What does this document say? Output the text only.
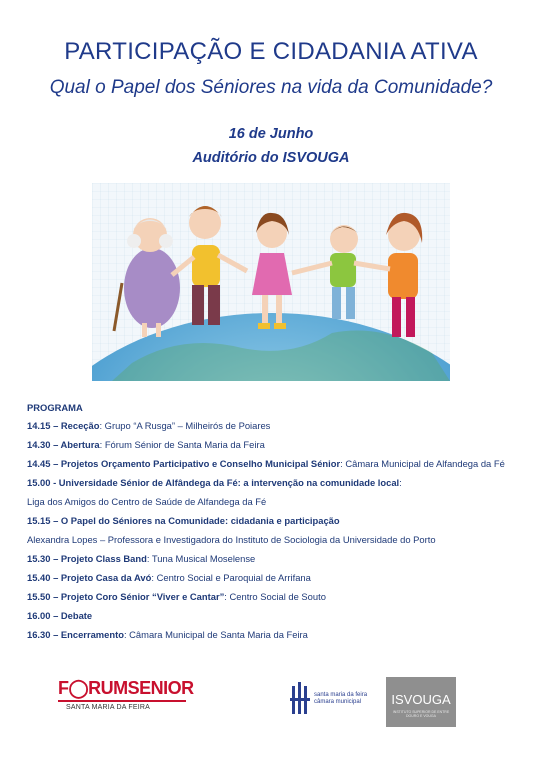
PARTICIPAÇÃO E CIDADANIA ATIVA
Qual o Papel dos Séniores na vida da Comunidade?
16 de Junho
Auditório do ISVOUGA
PROGRAMA
14.15 – Receção: Grupo “A Rusga” – Milheirós de Poiares
14.30 – Abertura: Fórum Sénior de Santa Maria da Feira
14.45 – Projetos Orçamento Participativo e Conselho Municipal Sénior: Câmara Municipal de Alfandega da Fé
15.00 - Universidade Sénior de Alfândega da Fé: a intervenção na comunidade local:
Liga dos Amigos do Centro de Saúde de Alfandega da Fé
15.15 – O Papel do Séniores na Comunidade: cidadania e participação
Alexandra Lopes – Professora e Investigadora do Instituto de Sociologia da Universidade do Porto
15.30 – Projeto Class Band: Tuna Musical Moselense
15.40 – Projeto Casa da Avó: Centro Social e Paroquial de Arrifana
15.50 – Projeto Coro Sénior “Viver e Cantar”: Centro Social de Souto
16.00 – Debate
16.30 – Encerramento: Câmara Municipal de Santa Maria da Feira
F◯RUMSENIOR
SANTA MARIA DA FEIRA
santa maria da feira
câmara municipal	ISVOUGA
INSTITUTO SUPERIOR DE ENTRE DOURO E VOUGA
